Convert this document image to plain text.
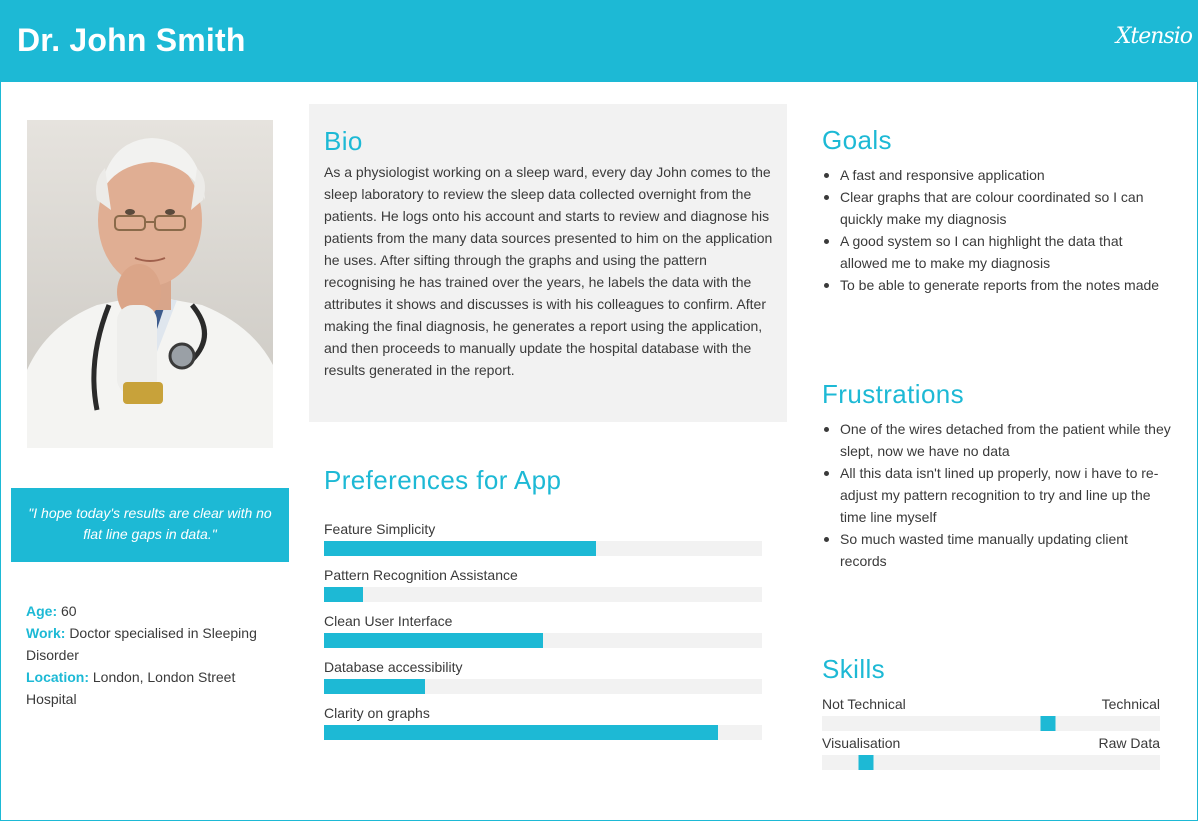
Dr. John Smith	Xtensio
"I hope today's results are clear with no flat line gaps in data."
Age: 60
Work: Doctor specialised in Sleeping Disorder
Location: London, London Street Hospital
Bio

As a physiologist working on a sleep ward, every day John comes to the sleep laboratory to review the sleep data collected overnight from the patients. He logs onto his account and starts to review and diagnose his patients from the many data sources presented to him on the application he uses. After sifting through the graphs and using the pattern recognising he has trained over the years, he labels the data with the attributes it shows and discusses is with his colleagues to confirm. After making the final diagnosis, he generates a report using the application, and then proceeds to manually update the hospital database with the results generated in the report.

Preferences for App
Feature Simplicity
Pattern Recognition Assistance
Clean User Interface
Database accessibility
Clarity on graphs
Goals
A fast and responsive application
Clear graphs that are colour coordinated so I can quickly make my diagnosis
A good system so I can highlight the data that allowed me to make my diagnosis
To be able to generate reports from the notes made
Frustrations
One of the wires detached from the patient while they slept, now we have no data
All this data isn't lined up properly, now i have to re-adjust my pattern recognition to try and line up the time line myself
So much wasted time manually updating client records
Skills
Not Technical	Technical
Visualisation	Raw Data
